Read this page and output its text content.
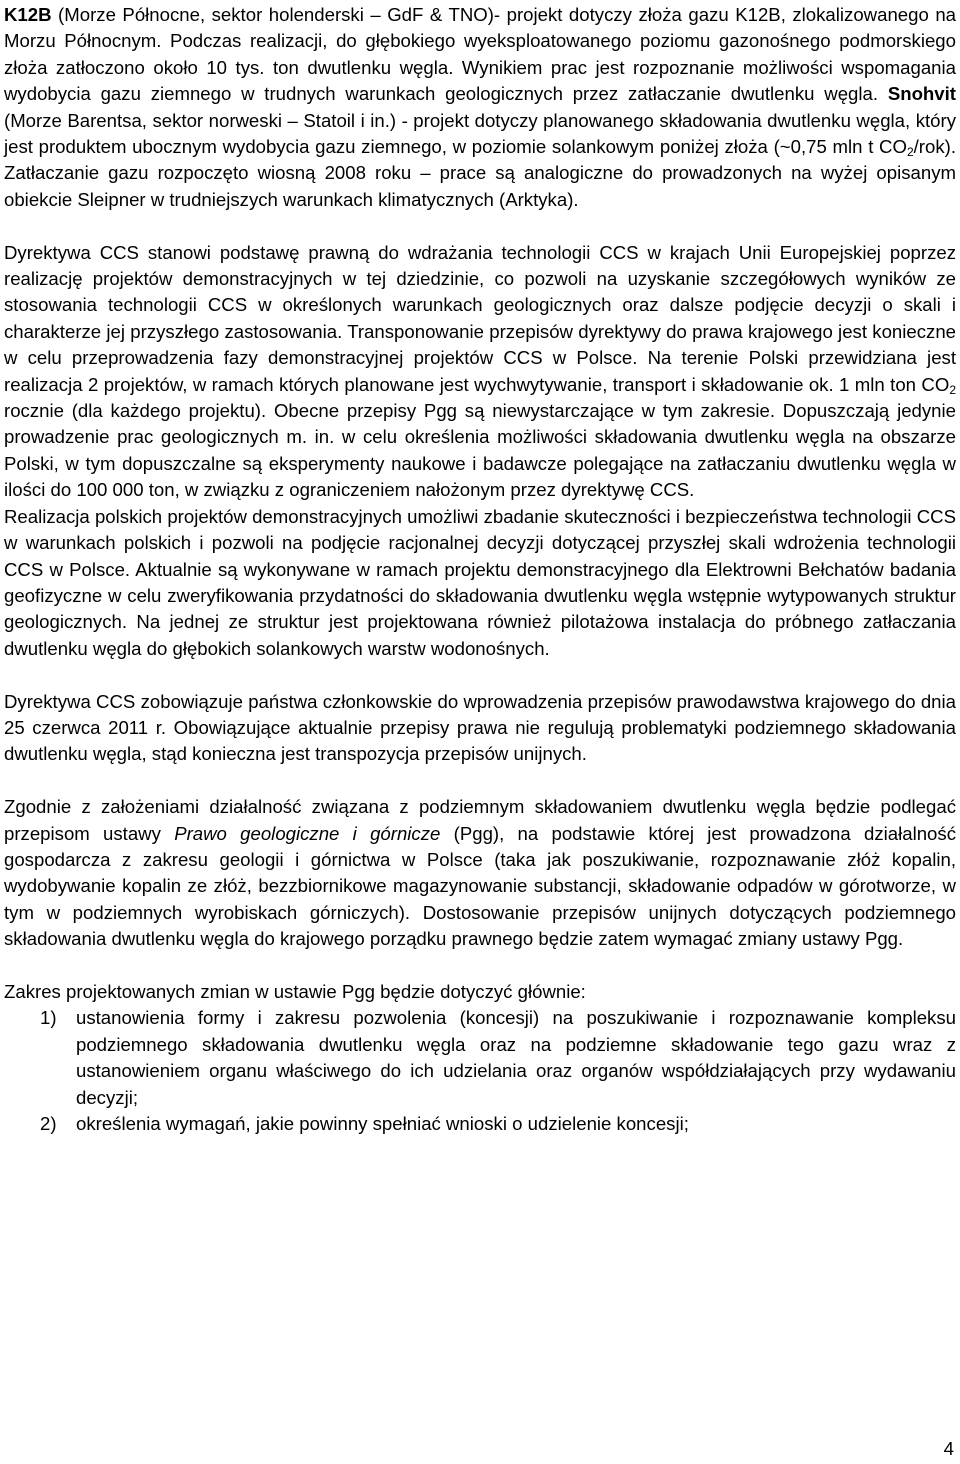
K12B (Morze Północne, sektor holenderski – GdF & TNO)- projekt dotyczy złoża gazu K12B, zlokalizowanego na Morzu Północnym. Podczas realizacji, do głębokiego wyeksploatowanego poziomu gazonośnego podmorskiego złoża zatłoczono około 10 tys. ton dwutlenku węgla. Wynikiem prac jest rozpoznanie możliwości wspomagania wydobycia gazu ziemnego w trudnych warunkach geologicznych przez zatłaczanie dwutlenku węgla. Snohvit (Morze Barentsa, sektor norweski – Statoil i in.) - projekt dotyczy planowanego składowania dwutlenku węgla, który jest produktem ubocznym wydobycia gazu ziemnego, w poziomie solankowym poniżej złoża (~0,75 mln t $CO_2/rok$). Zatłaczanie gazu rozpoczęto wiosną 2008 roku – prace są analogiczne do prowadzonych na wyżej opisanym obiekcie Sleipner w trudniejszych warunkach klimatycznych (Arktyka).

Dyrektywa CCS stanowi podstawę prawną do wdrażania technologii CCS w krajach Unii Europejskiej poprzez realizację projektów demonstracyjnych w tej dziedzinie, co pozwoli na uzyskanie szczegółowych wyników ze stosowania technologii CCS w określonych warunkach geologicznych oraz dalsze podjęcie decyzji o skali i charakterze jej przyszłego zastosowania. Transponowanie przepisów dyrektywy do prawa krajowego jest konieczne w celu przeprowadzenia fazy demonstracyjnej projektów CCS w Polsce. Na terenie Polski przewidziana jest realizacja 2 projektów, w ramach których planowane jest wychwytywanie, transport i składowanie ok. 1 mln ton $CO_2$ rocznie (dla każdego projektu). Obecne przepisy Pgg są niewystarczające w tym zakresie. Dopuszczają jedynie prowadzenie prac geologicznych m. in. w celu określenia możliwości składowania dwutlenku węgla na obszarze Polski, w tym dopuszczalne są eksperymenty naukowe i badawcze polegające na zatłaczaniu dwutlenku węgla w ilości do 100 000 ton, w związku z ograniczeniem nałożonym przez dyrektywę CCS.

Realizacja polskich projektów demonstracyjnych umożliwi zbadanie skuteczności i bezpieczeństwa technologii CCS w warunkach polskich i pozwoli na podjęcie racjonalnej decyzji dotyczącej przyszłej skali wdrożenia technologii CCS w Polsce. Aktualnie są wykonywane w ramach projektu demonstracyjnego dla Elektrowni Bełchatów badania geofizyczne w celu zweryfikowania przydatności do składowania dwutlenku węgla wstępnie wytypowanych struktur geologicznych. Na jednej ze struktur jest projektowana również pilotażowa instalacja do próbnego zatłaczania dwutlenku węgla do głębokich solankowych warstw wodonośnych.

Dyrektywa CCS zobowiązuje państwa członkowskie do wprowadzenia przepisów prawodawstwa krajowego do dnia 25 czerwca 2011 r. Obowiązujące aktualnie przepisy prawa nie regulują problematyki podziemnego składowania dwutlenku węgla, stąd konieczna jest transpozycja przepisów unijnych.

Zgodnie z założeniami działalność związana z podziemnym składowaniem dwutlenku węgla będzie podlegać przepisom ustawy Prawo geologiczne i górnicze (Pgg), na podstawie której jest prowadzona działalność gospodarcza z zakresu geologii i górnictwa w Polsce (taka jak poszukiwanie, rozpoznawanie złóż kopalin, wydobywanie kopalin ze złóż, bezzbiornikowe magazynowanie substancji, składowanie odpadów w górotworze, w tym w podziemnych wyrobiskach górniczych). Dostosowanie przepisów unijnych dotyczących podziemnego składowania dwutlenku węgla do krajowego porządku prawnego będzie zatem wymagać zmiany ustawy Pgg.

Zakres projektowanych zmian w ustawie Pgg będzie dotyczyć głównie:

1)	ustanowienia formy i zakresu pozwolenia (koncesji) na poszukiwanie i rozpoznawanie kompleksu podziemnego składowania dwutlenku węgla oraz na podziemne składowanie tego gazu wraz z ustanowieniem organu właściwego do ich udzielania oraz organów współdziałających przy wydawaniu decyzji;
2)	określenia wymagań, jakie powinny spełniać wnioski o udzielenie koncesji;
4
